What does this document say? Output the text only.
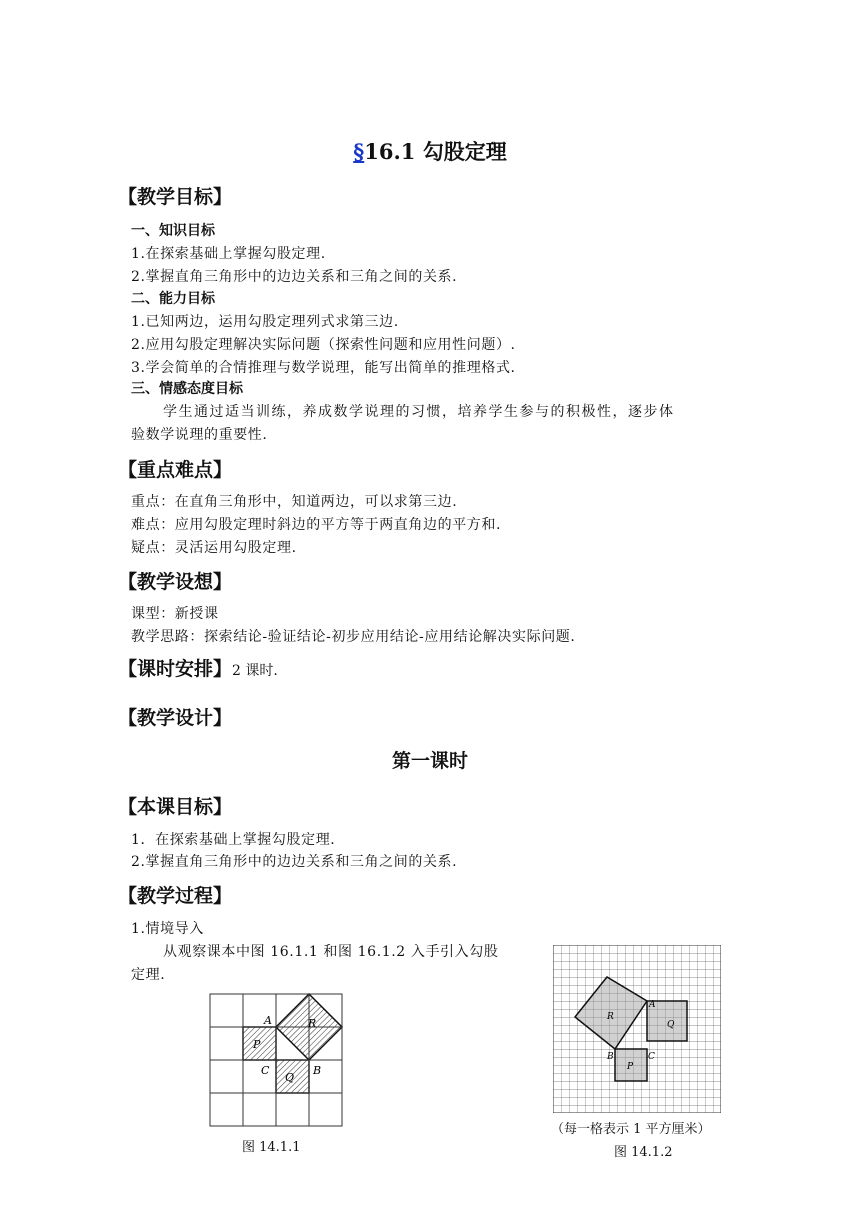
§16.1 勾股定理
【教学目标】
一、知识目标
1.在探索基础上掌握勾股定理.
2.掌握直角三角形中的边边关系和三角之间的关系.
二、能力目标
1.已知两边，运用勾股定理列式求第三边.
2.应用勾股定理解决实际问题（探索性问题和应用性问题）.
3.学会简单的合情推理与数学说理，能写出简单的推理格式.
三、情感态度目标
学生通过适当训练，养成数学说理的习惯，培养学生参与的积极性，逐步体
验数学说理的重要性.
【重点难点】
重点：在直角三角形中，知道两边，可以求第三边.
难点：应用勾股定理时斜边的平方等于两直角边的平方和.
疑点：灵活运用勾股定理.
【教学设想】
课型：新授课
教学思路：探索结论-验证结论-初步应用结论-应用结论解决实际问题.
【课时安排】2 课时.
【教学设计】
第一课时
【本课目标】
1．在探索基础上掌握勾股定理.
2.掌握直角三角形中的边边关系和三角之间的关系.
【教学过程】
1.情境导入
从观察课本中图 16.1.1 和图 16.1.2 入手引入勾股
定理.
A
P
R
C
Q
B
图 14.1.1
A
R
Q
B	C
P
（每一格表示 1 平方厘米）
图 14.1.2
